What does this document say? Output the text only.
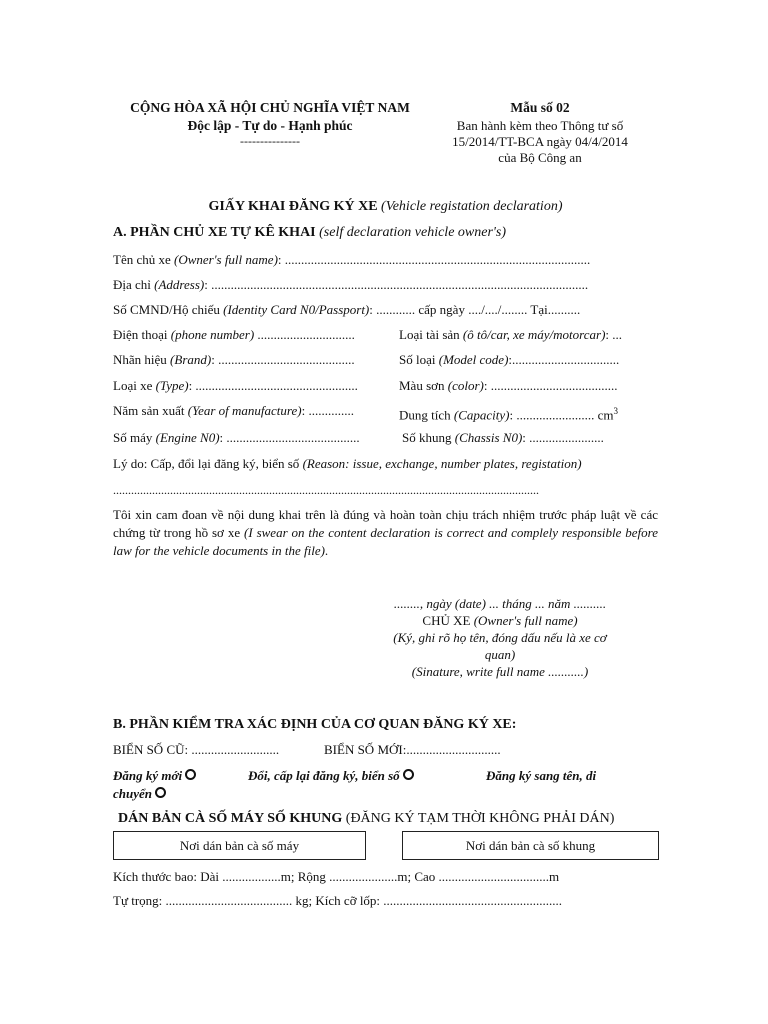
CỘNG HÒA XÃ HỘI CHỦ NGHĨA VIỆT NAM
Độc lập - Tự do - Hạnh phúc
---------------
Mẫu số 02
Ban hành kèm theo Thông tư số
15/2014/TT-BCA ngày 04/4/2014
của Bộ Công an
GIẤY KHAI ĐĂNG KÝ XE (Vehicle registation declaration)
A. PHẦN CHỦ XE TỰ KÊ KHAI (self declaration vehicle owner's)
Tên chủ xe (Owner's full name): ..............................................................................................
Địa chỉ (Address): ....................................................................................................................
Số CMND/Hộ chiếu (Identity Card N0/Passport): ............ cấp ngày ..../..../........ Tại..........
Điện thoại (phone number) ..............................	Loại tài sản (ô tô/car, xe máy/motorcar): ...
Nhãn hiệu (Brand): ..........................................	Số loại (Model code):.................................
Loại xe (Type): ..................................................	Màu sơn (color): .......................................
Năm sản xuất (Year of manufacture): ..............	Dung tích (Capacity): ........................ $cm^3$
Số máy (Engine N0): .........................................	Số khung (Chassis N0): .......................
Lý do: Cấp, đổi lại đăng ký, biển số (Reason: issue, exchange, number plates, registation)
..............................................................................................................................................
Tôi xin cam đoan về nội dung khai trên là đúng và hoàn toàn chịu trách nhiệm trước pháp luật về các chứng từ trong hồ sơ xe (I swear on the content declaration is correct and complely responsible before law for the vehicle documents in the file).
........, ngày (date) ... tháng ... năm ..........
CHỦ XE (Owner's full name)
(Ký, ghi rõ họ tên, đóng dấu nếu là xe cơ
quan)
(Sinature, write full name ...........)
B. PHẦN KIỂM TRA XÁC ĐỊNH CỦA CƠ QUAN ĐĂNG KÝ XE:
BIỂN SỐ CŨ: ...........................	BIỂN SỐ MỚI:.............................
Đăng ký mới	Đổi, cấp lại đăng ký, biển số	Đăng ký sang tên, di
chuyển
DÁN BẢN CÀ SỐ MÁY SỐ KHUNG (ĐĂNG KÝ TẠM THỜI KHÔNG PHẢI DÁN)
Nơi dán bản cà số máy	Nơi dán bản cà số khung
Kích thước bao: Dài ..................m; Rộng .....................m; Cao ..................................m
Tự trọng: ....................................... kg; Kích cỡ lốp: .......................................................
